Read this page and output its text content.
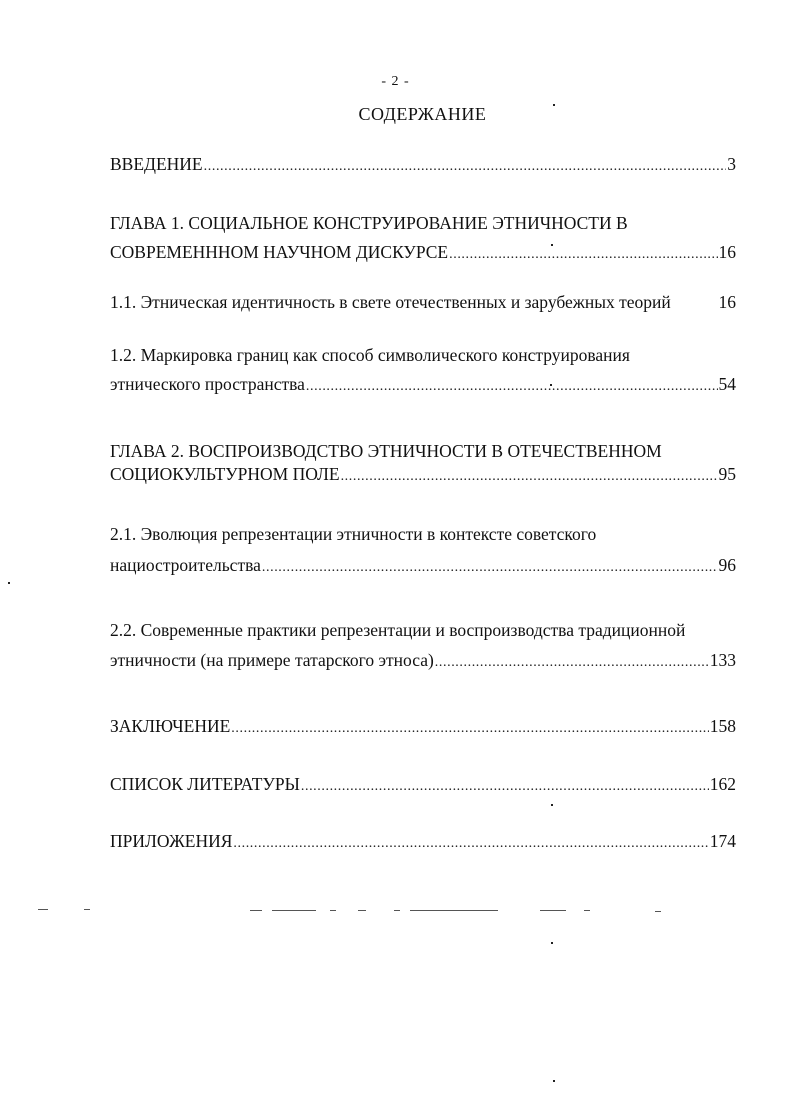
- 2 -
СОДЕРЖАНИЕ
ВВЕДЕНИЕ .....	3
ГЛАВА 1. СОЦИАЛЬНОЕ КОНСТРУИРОВАНИЕ ЭТНИЧНОСТИ В
СОВРЕМЕНННОМ НАУЧНОМ ДИСКУРСЕ .....	16
1.1. Этническая идентичность в свете отечественных и зарубежных теорий	16
1.2. Маркировка границ как способ символического конструирования
этнического пространства .....	54
ГЛАВА 2. ВОСПРОИЗВОДСТВО ЭТНИЧНОСТИ В ОТЕЧЕСТВЕННОМ
СОЦИОКУЛЬТУРНОМ ПОЛЕ .....	95
2.1. Эволюция репрезентации этничности в контексте советского
нациостроительства .....	96
2.2. Современные практики репрезентации и воспроизводства традиционной
этничности (на примере татарского этноса) .....	133
ЗАКЛЮЧЕНИЕ .....	158
СПИСОК ЛИТЕРАТУРЫ .....	162
ПРИЛОЖЕНИЯ .....	174
